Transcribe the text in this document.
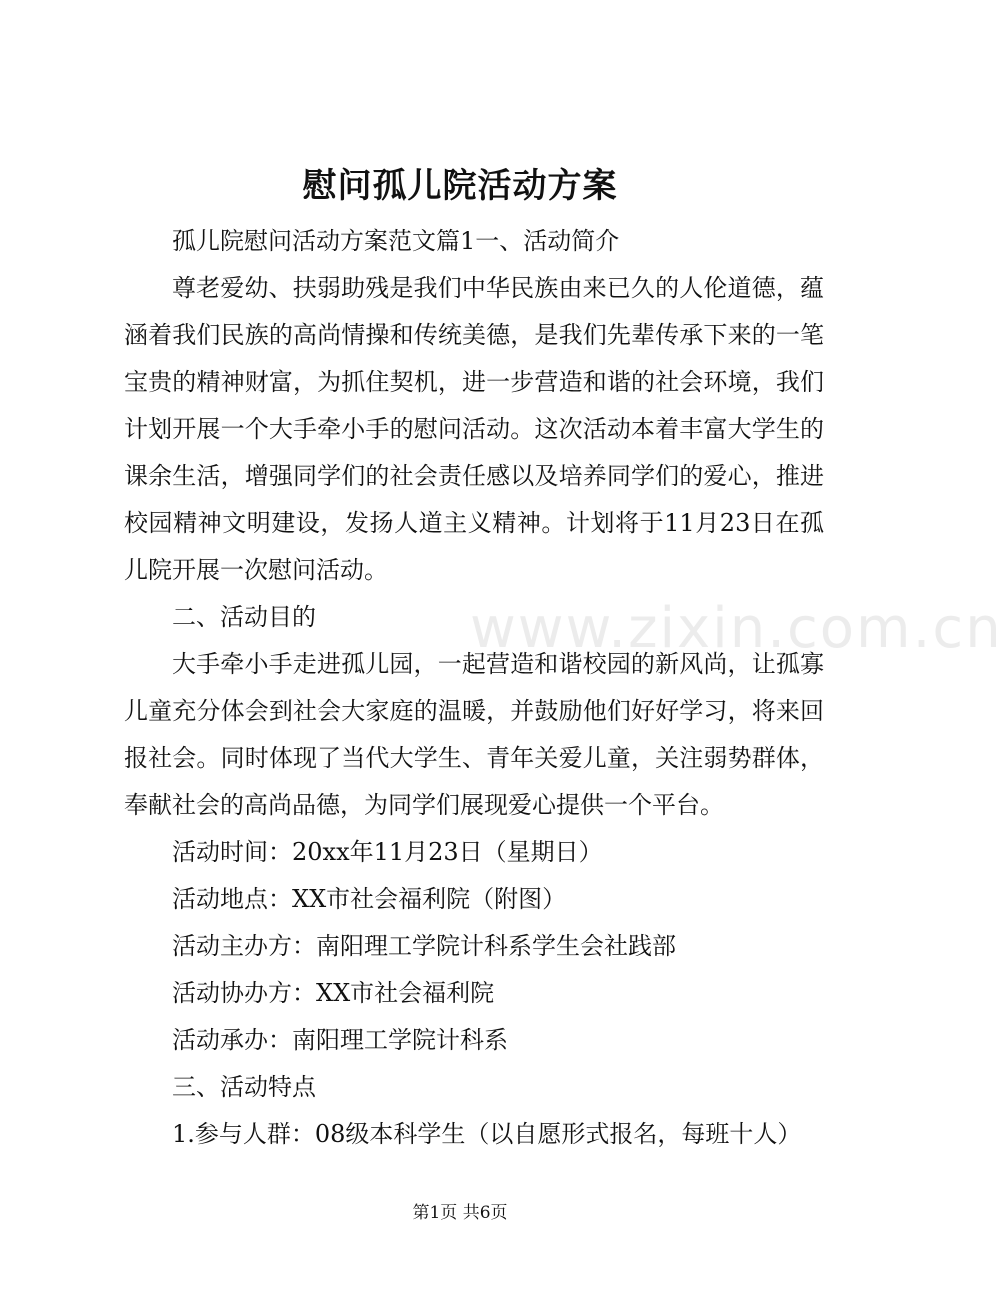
www.zixin.com.cn
慰问孤儿院活动方案

孤儿院慰问活动方案范文篇1一、活动简介

尊老爱幼、扶弱助残是我们中华民族由来已久的人伦道德，蕴涵着我们民族的高尚情操和传统美德，是我们先辈传承下来的一笔宝贵的精神财富，为抓住契机，进一步营造和谐的社会环境，我们计划开展一个大手牵小手的慰问活动。这次活动本着丰富大学生的课余生活，增强同学们的社会责任感以及培养同学们的爱心，推进校园精神文明建设，发扬人道主义精神。计划将于11月23日在孤儿院开展一次慰问活动。

二、活动目的

大手牵小手走进孤儿园，一起营造和谐校园的新风尚，让孤寡儿童充分体会到社会大家庭的温暖，并鼓励他们好好学习，将来回报社会。同时体现了当代大学生、青年关爱儿童，关注弱势群体，奉献社会的高尚品德，为同学们展现爱心提供一个平台。

活动时间：20xx年11月23日（星期日）

活动地点：XX市社会福利院（附图）

活动主办方：南阳理工学院计科系学生会社践部

活动协办方：XX市社会福利院

活动承办：南阳理工学院计科系

三、活动特点

1.参与人群：08级本科学生（以自愿形式报名，每班十人）

第1页 共6页
